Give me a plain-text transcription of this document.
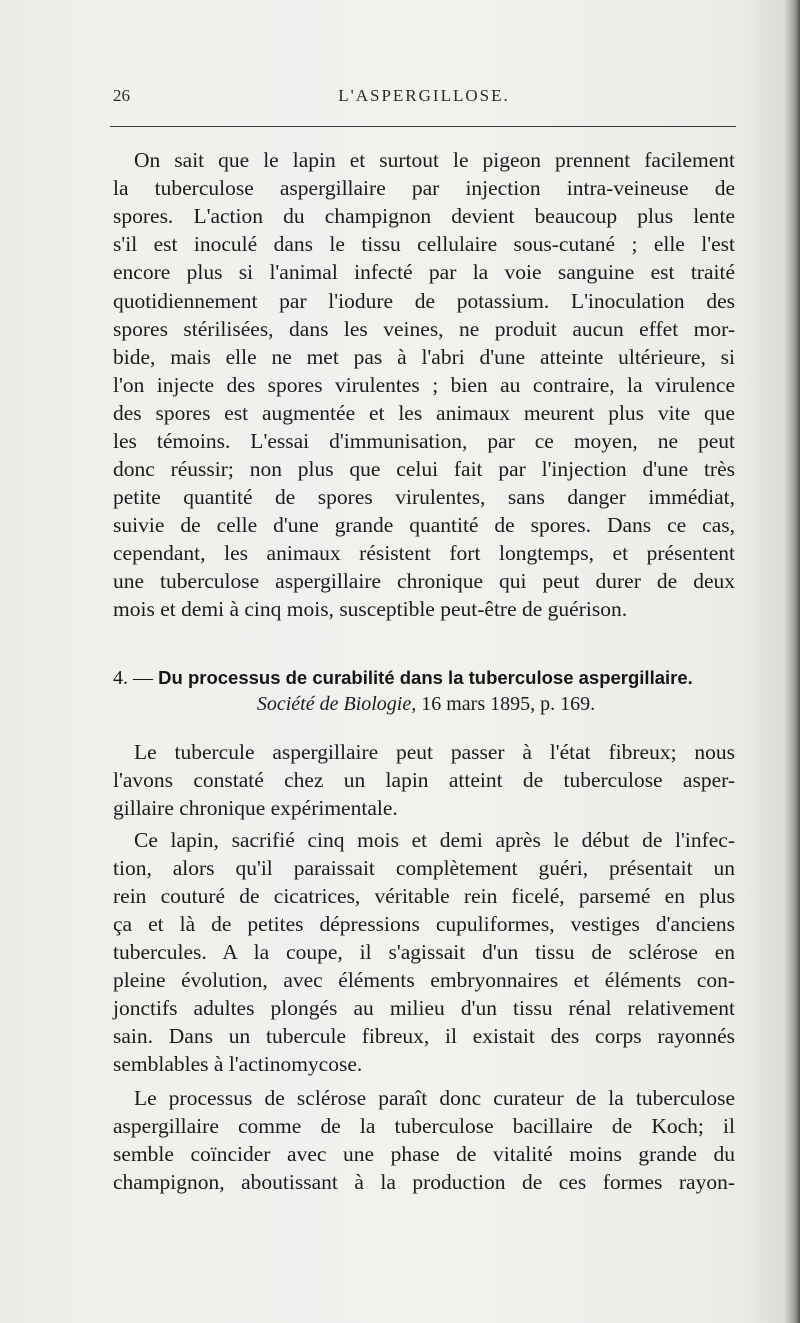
26	L'ASPERGILLOSE.
On sait que le lapin et surtout le pigeon prennent facilement
la tuberculose aspergillaire par injection intra-veineuse de
spores. L'action du champignon devient beaucoup plus lente
s'il est inoculé dans le tissu cellulaire sous-cutané ; elle l'est
encore plus si l'animal infecté par la voie sanguine est traité
quotidiennement par l'iodure de potassium. L'inoculation des
spores stérilisées, dans les veines, ne produit aucun effet mor-
bide, mais elle ne met pas à l'abri d'une atteinte ultérieure, si
l'on injecte des spores virulentes ; bien au contraire, la virulence
des spores est augmentée et les animaux meurent plus vite que
les témoins. L'essai d'immunisation, par ce moyen, ne peut
donc réussir; non plus que celui fait par l'injection d'une très
petite quantité de spores virulentes, sans danger immédiat,
suivie de celle d'une grande quantité de spores. Dans ce cas,
cependant, les animaux résistent fort longtemps, et présentent
une tuberculose aspergillaire chronique qui peut durer de deux
mois et demi à cinq mois, susceptible peut-être de guérison.
4. — Du processus de curabilité dans la tuberculose aspergillaire.
Société de Biologie, 16 mars 1895, p. 169.
Le tubercule aspergillaire peut passer à l'état fibreux; nous
l'avons constaté chez un lapin atteint de tuberculose asper-
gillaire chronique expérimentale.
Ce lapin, sacrifié cinq mois et demi après le début de l'infec-
tion, alors qu'il paraissait complètement guéri, présentait un
rein couturé de cicatrices, véritable rein ficelé, parsemé en plus
ça et là de petites dépressions cupuliformes, vestiges d'anciens
tubercules. A la coupe, il s'agissait d'un tissu de sclérose en
pleine évolution, avec éléments embryonnaires et éléments con-
jonctifs adultes plongés au milieu d'un tissu rénal relativement
sain. Dans un tubercule fibreux, il existait des corps rayonnés
semblables à l'actinomycose.
Le processus de sclérose paraît donc curateur de la tuberculose
aspergillaire comme de la tuberculose bacillaire de Koch; il
semble coïncider avec une phase de vitalité moins grande du
champignon, aboutissant à la production de ces formes rayon-
